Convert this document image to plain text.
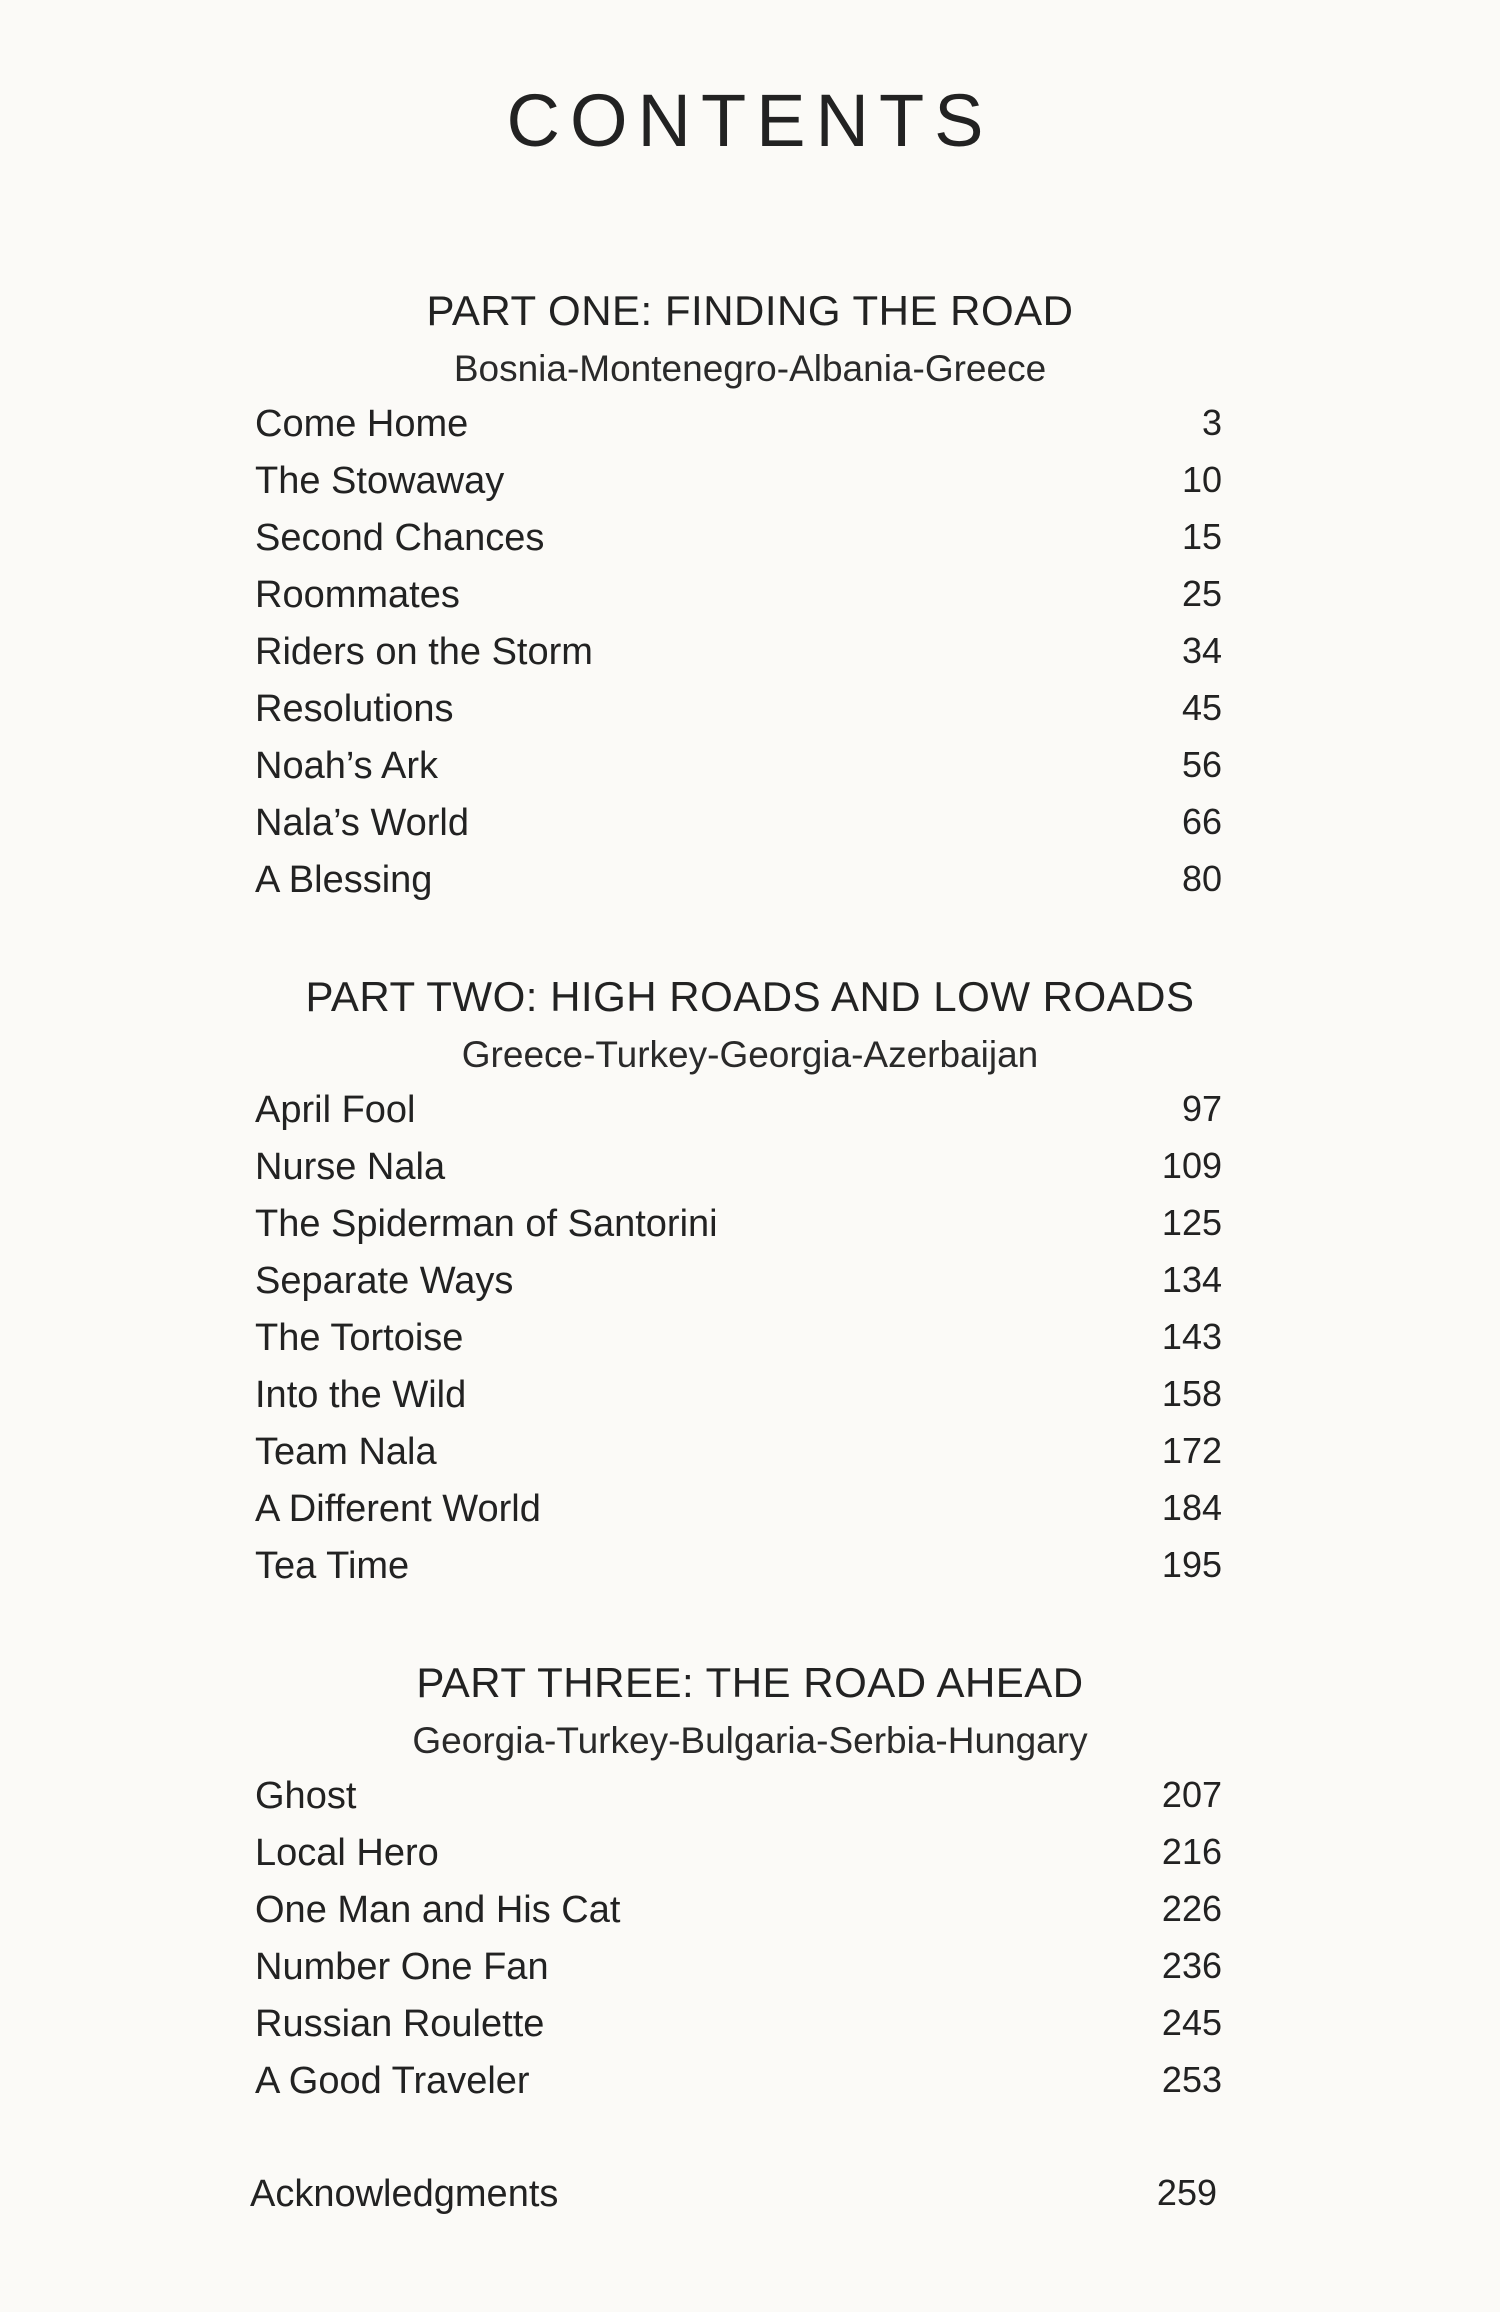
CONTENTS
PART ONE: FINDING THE ROAD
Bosnia-Montenegro-Albania-Greece
Come Home	3
The Stowaway	10
Second Chances	15
Roommates	25
Riders on the Storm	34
Resolutions	45
Noah’s Ark	56
Nala’s World	66
A Blessing	80
PART TWO: HIGH ROADS AND LOW ROADS
Greece-Turkey-Georgia-Azerbaijan
April Fool	97
Nurse Nala	109
The Spiderman of Santorini	125
Separate Ways	134
The Tortoise	143
Into the Wild	158
Team Nala	172
A Different World	184
Tea Time	195
PART THREE: THE ROAD AHEAD
Georgia-Turkey-Bulgaria-Serbia-Hungary
Ghost	207
Local Hero	216
One Man and His Cat	226
Number One Fan	236
Russian Roulette	245
A Good Traveler	253
Acknowledgments	259
